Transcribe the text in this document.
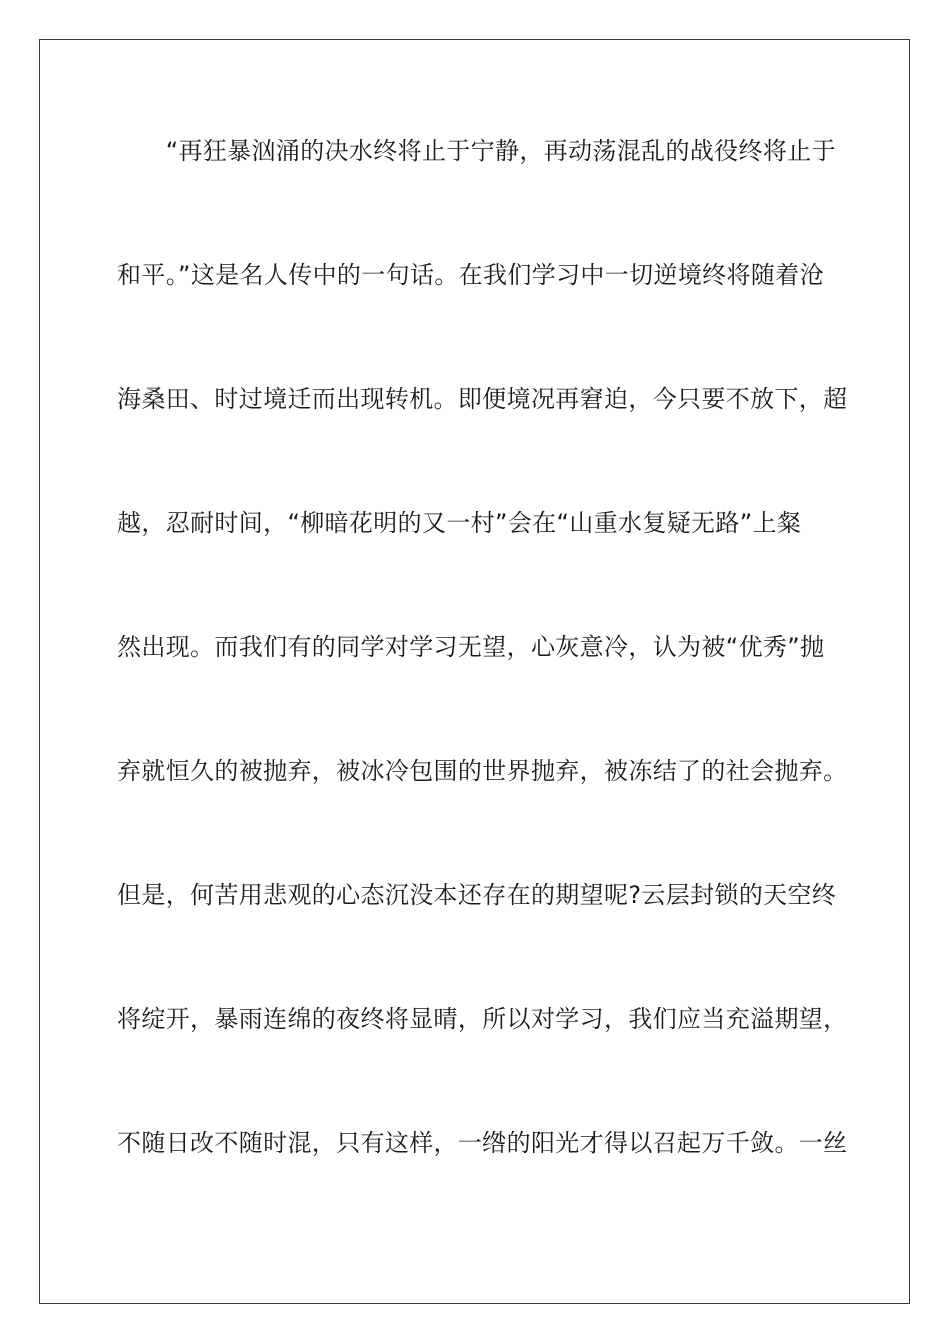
　　“再狂暴汹涌的决水终将止于宁静，再动荡混乱的战役终将止于
和平。”这是名人传中的一句话。在我们学习中一切逆境终将随着沧
海桑田、时过境迁而出现转机。即便境况再窘迫，今只要不放下，超
越，忍耐时间，“柳暗花明的又一村”会在“山重水复疑无路”上粲
然出现。而我们有的同学对学习无望，心灰意冷，认为被“优秀”抛
弃就恒久的被抛弃，被冰冷包围的世界抛弃，被冻结了的社会抛弃。
但是，何苦用悲观的心态沉没本还存在的期望呢?云层封锁的天空终
将绽开，暴雨连绵的夜终将显晴，所以对学习，我们应当充溢期望，
不随日改不随时混，只有这样，一绺的阳光才得以召起万千敛。一丝
